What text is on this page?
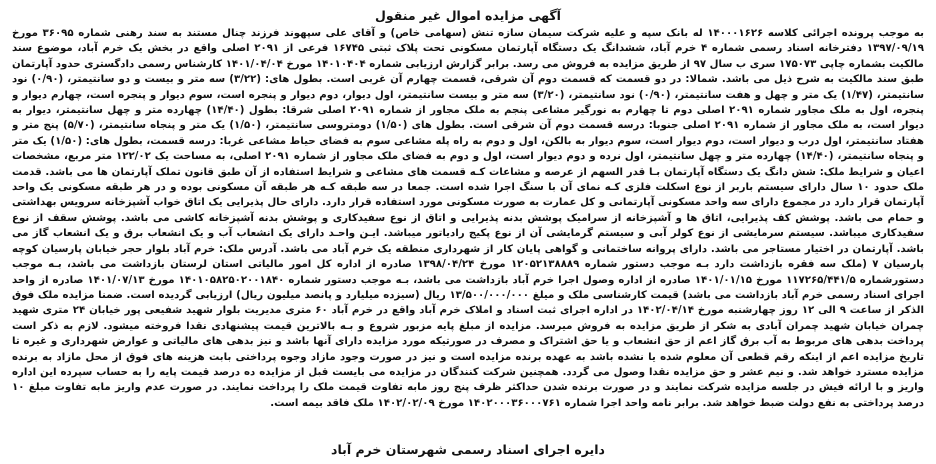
آگهی مزایده اموال غیر منقول

به موجب پرونده اجرائی کلاسه ۱۴۰۰۰۱۶۲۶ له بانک سپه و علیه شرکت سیمان سازه تنش (سهامی خاص) و آقای علی سپهوند فرزند چنال مستند به سند رهنی شماره ۳۶۰۹۵ مورخ ۱۳۹۷/۰۹/۱۹ دفترخانه اسناد رسمی شماره ۴ خرم آباد، ششدانگ یک دستگاه آپارتمان مسکونی تحت پلاک ثبتی ۱۶۷۴۵ فرعی از ۲۰۹۱ اصلی واقع در بخش یک خرم آباد، موضوع سند مالکیت بشماره چاپی ۱۷۵۰۷۳ سری ب سال ۹۷ از طریق مزایده به فروش می رسد. برابر گزارش ارزیابی شماره ۱۴۰۱۰۴۰۴ مورخ ۱۴۰۱/۰۴/۰۴ کارشناس رسمی دادگستری حدود آپارتمان طبق سند مالکیت به شرح ذیل می باشد. شمالا: در دو قسمت که قسمت دوم آن شرقی، قسمت چهارم آن غربی است. بطول های: (۳/۲۲) سه متر و بیست و دو سانتیمتر، (۰/۹۰) نود سانتیمتر، (۱/۴۷) یک متر و چهل و هفت سانتیمتر، (۰/۹۰) نود سانتیمتر، (۳/۲۰) سه متر و بیست سانتیمتر، اول دیوار، دوم دیوار و پنجره است، سوم دیوار و پنجره است، چهارم دیوار و پنجره، اول به ملک مجاور شماره ۲۰۹۱ اصلی دوم تا چهارم به نورگیر مشاعی پنجم به ملک مجاور از شماره ۲۰۹۱ اصلی شرقا: بطول (۱۴/۴۰) چهارده متر و چهل سانتیمتر، دیوار به دیوار است، به ملک مجاور از شماره ۲۰۹۱ اصلی جنوبا: درسه قسمت دوم آن شرقی است. بطول های (۱/۵۰) دومتروسی سانتیمتر، (۱/۵۰) یک متر و پنجاه سانتیمتر، (۵/۷۰) پنج متر و هفتاد سانتیمتر، اول درب و دیوار است، دوم دیوار است، سوم دیوار به بالکن، اول و دوم به راه پله مشاعی سوم به فضای حیاط مشاعی غربا: درسه قسمت، بطول های: (۱/۵۰) یک متر و پنجاه سانتیمتر، (۱۴/۴۰) چهارده متر و چهل سانتیمتر، اول نرده و دوم دیوار است، اول و دوم به فضای ملک مجاور از شماره ۲۰۹۱ اصلی، به مساحت یک ۱۲۲/۰۲ متر مربع، مشخصات اعیان و شرایط ملک: شش دانگ یک دستگاه آپارتمان بـا قدر السهم از عرصه و مشاعات کـه قسمت های مشاعی و شرایط استفاده از آن طبق قانون تملک آپارتمان ها می باشد. قدمت ملک حدود ۱۰ سال دارای سیستم باربر از نوع اسکلت فلزی کـه نمای آن با سنگ اجرا شده است. جمعا در سه طبقه کـه هر طبقه آن مسکونی بوده و در هر طبقه مسکونی یک واحد آپارتمان قرار دارد در مجموع دارای سه واحد مسکونی آپارتمانی و کل عمارت به صورت مسکونی مورد استفاده قرار دارد. دارای حال پذیرایی یک اتاق خواب آشپزخانه سرویس بهداشتی و حمام می باشد. پوشش کف پذیرایی، اتاق ها و آشپزخانه از سرامیک پوشش بدنه پذیرایی و اتاق از نوع سفیدکاری و پوشش بدنه آشپزخانه کاشی می باشد. پوشش سقف از نوع سفیدکاری میباشد. سیستم سرمایشی از نوع کولر آبی و سیستم گرمایشی آن از نوع پکیج رادیاتور میباشد. ایـن واحـد دارای یک انشعاب آب و یک انشعاب برق و یک انشعاب گاز می باشد. آپارتمان در اختیار مستاجر می باشد. دارای پروانه ساختمانی و گواهی پایان کار از شهرداری منطقه یک خرم آباد می باشد. آدرس ملک: خرم آباد بلوار حجر خیابان پارسیان کوچه پارسیان ۷ (ملک سه فقره بازداشت دارد بـه موجب دستور شماره ۱۲۰۵۲۱۳۸۸۸۹ مورخ ۱۳۹۸/۰۴/۲۴ صادره از اداره کل امور مالیاتی استان لرستان بازداشت می باشد، بـه موجب دستورشماره ۱۱۷۲۶۵/۴۴۱/۵ مورخ ۱۴۰۱/۰۱/۱۵ صادره از اداره وصول اجرا خرم آباد بازداشت می باشد، بـه موجب دستور شماره ۱۴۰۱۰۵۸۲۵۰۲۰۰۱۸۴۰ مورخ ۱۴۰۱/۰۷/۱۳ صادره از واحد اجرای اسناد رسمی خرم آباد بازداشت می باشد) قیمت کارشناسی ملک و میلغ ۱۳/۵۰۰/۰۰۰/۰۰۰ ریال (سیزده میلیارد و پانصد میلیون ریال) ارزیابی گردیده است. ضمنا مزایده ملک فوق الذکر از ساعت ۹ الی ۱۲ روز چهارشنبه مورخ ۱۴۰۲/۰۴/۱۴ در اداره اجرای ثبت اسناد و املاک خرم آباد واقع در خرم آباد ۶۰ متری مدیریت بلوار شهید شفیعی پور خیابان ۲۴ متری شهید چمران خیابان شهید چمران آبادی به شکر از طریق مزایده به فروش میرسد. مزایده از مبلغ پایه مزبور شروع و بـه بالاترین قیمت پیشنهادی نقدا فروخته میشود. لازم به ذکر است پرداخت بدهی های مربوط به آب برق گاز اعم از حق انشعاب و یا حق اشتراک و مصرف در صورتیکه مورد مزایده دارای آنها باشد و نیز بدهی های مالیاتی و عوارض شهرداری و غیره تا تاریخ مزایده اعم از اینکه رقم قطعی آن معلوم شده یا نشده باشد به عهده برنده مزایده است و نیز در صورت وجود مازاد وجوه پرداختی بابت هزینه های فوق از محل مازاد به برنده مزایده مسترد خواهد شد. و نیم عشر و حق مزایده نقدا وصول می گردد. همچنین شرکت کنندگان در مزایده می بایست قبل از مزایده ده درصد قیمت پایه را به حساب سپرده این اداره واریز و با ارائه فیش در جلسه مزایده شرکت نمایند و در صورت برنده شدن حداکثر ظرف پنج روز مابه تفاوت قیمت ملک را پرداخت نمایند. در صورت عدم واریز مابه تفاوت مبلغ ۱۰ درصد پرداختی به نفع دولت ضبط خواهد شد. برابر نامه واحد اجرا شماره ۱۴۰۲۰۰۰۳۶۰۰۰۷۶۱ مورخ ۱۴۰۲/۰۲/۰۹ ملک فاقد بیمه است.

دایره اجرای اسناد رسمی شهرستان خرم آباد
